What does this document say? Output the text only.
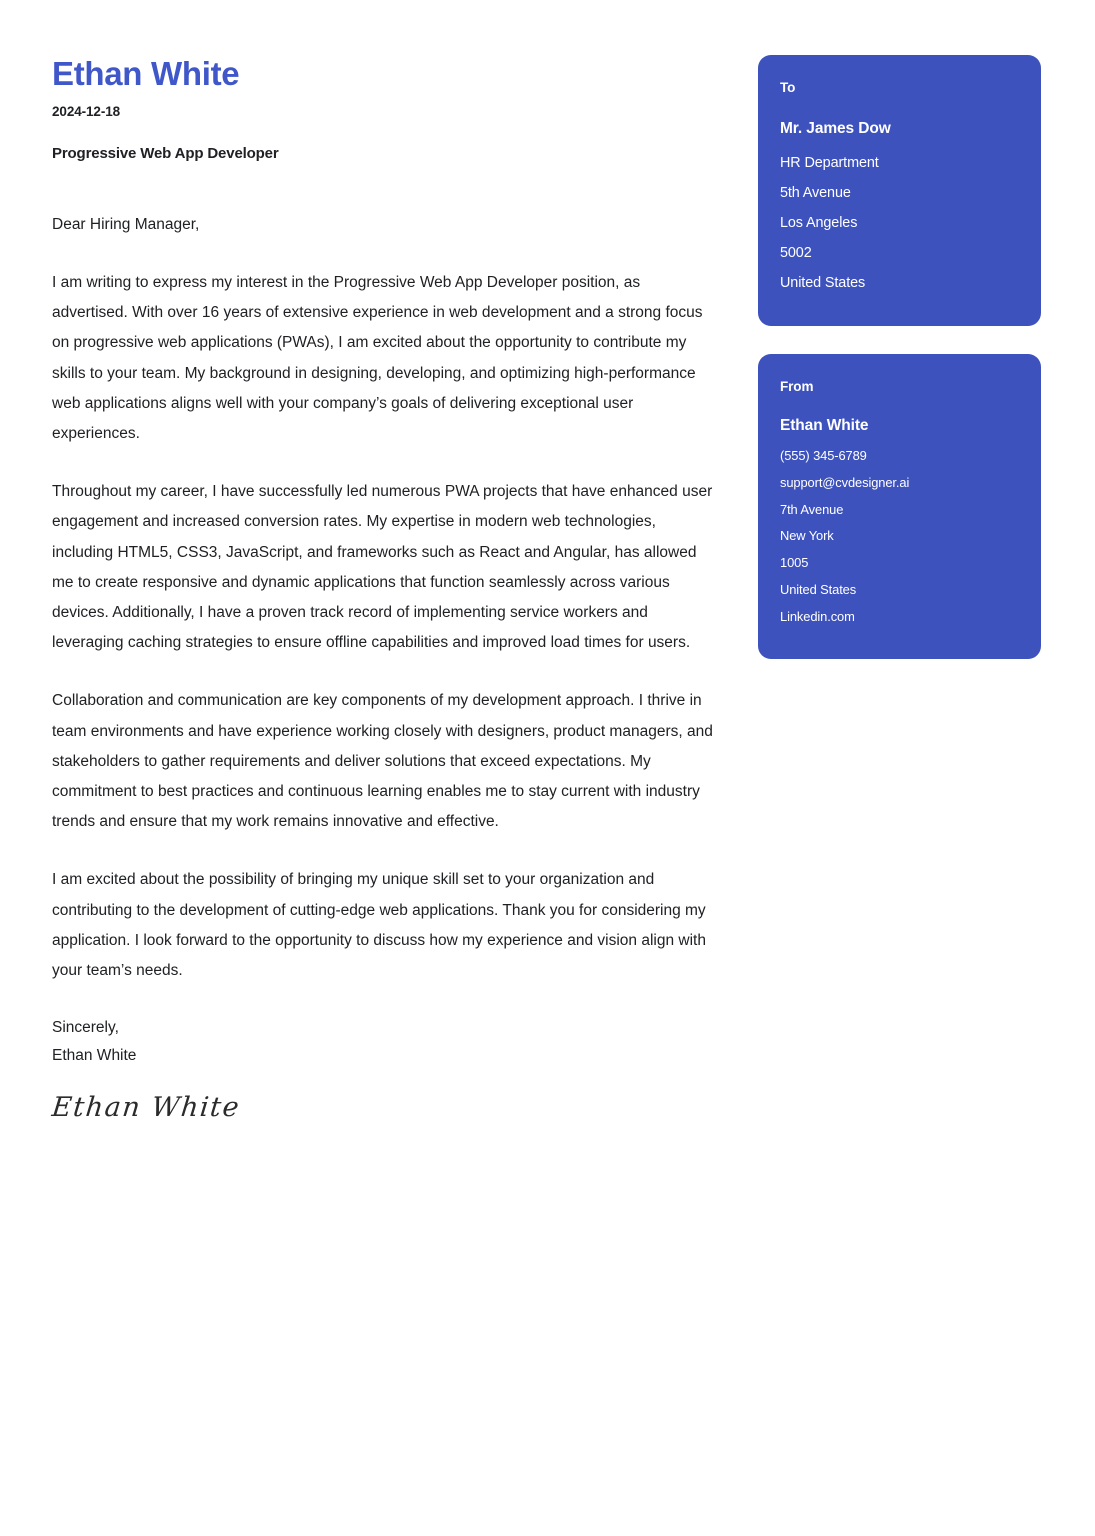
Ethan White
2024-12-18
Progressive Web App Developer

Dear Hiring Manager,

I am writing to express my interest in the Progressive Web App Developer position, as advertised. With over 16 years of extensive experience in web development and a strong focus on progressive web applications (PWAs), I am excited about the opportunity to contribute my skills to your team. My background in designing, developing, and optimizing high-performance web applications aligns well with your company’s goals of delivering exceptional user experiences.

Throughout my career, I have successfully led numerous PWA projects that have enhanced user engagement and increased conversion rates. My expertise in modern web technologies, including HTML5, CSS3, JavaScript, and frameworks such as React and Angular, has allowed me to create responsive and dynamic applications that function seamlessly across various devices. Additionally, I have a proven track record of implementing service workers and leveraging caching strategies to ensure offline capabilities and improved load times for users.

Collaboration and communication are key components of my development approach. I thrive in team environments and have experience working closely with designers, product managers, and stakeholders to gather requirements and deliver solutions that exceed expectations. My commitment to best practices and continuous learning enables me to stay current with industry trends and ensure that my work remains innovative and effective.

I am excited about the possibility of bringing my unique skill set to your organization and contributing to the development of cutting-edge web applications. Thank you for considering my application. I look forward to the opportunity to discuss how my experience and vision align with your team’s needs.

Sincerely,
Ethan White
Ethan White
To
Mr. James Dow
HR Department
5th Avenue
Los Angeles
5002
United States
From
Ethan White
(555) 345-6789
support@cvdesigner.ai
7th Avenue
New York
1005
United States
Linkedin.com
